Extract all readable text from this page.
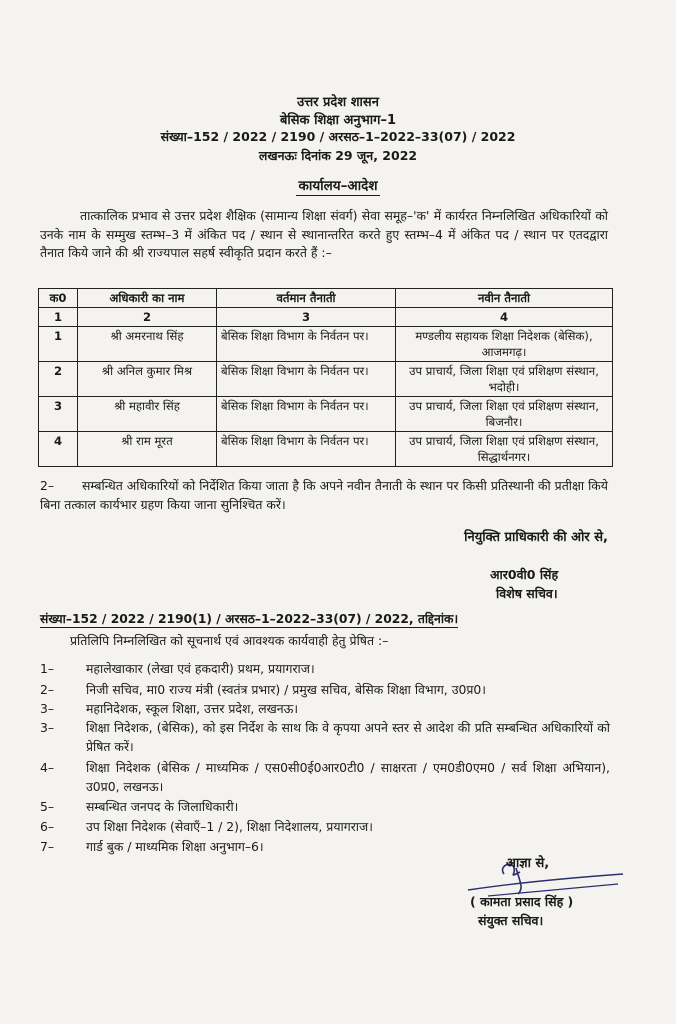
उत्तर प्रदेश शासन
बेसिक शिक्षा अनुभाग–1
संख्या–152 / 2022 / 2190 / अरसठ–1–2022–33(07) / 2022
लखनऊः दिनांक 29 जून, 2022
कार्यालय–आदेश
तात्कालिक प्रभाव से उत्तर प्रदेश शैक्षिक (सामान्य शिक्षा संवर्ग) सेवा समूह–'क' में कार्यरत निम्नलिखित अधिकारियों को उनके नाम के सम्मुख स्तम्भ–3 में अंकित पद / स्थान से स्थानान्तरित करते हुए स्तम्भ–4 में अंकित पद / स्थान पर एतदद्वारा तैनात किये जाने की श्री राज्यपाल सहर्ष स्वीकृति प्रदान करते हैं :–
क0	अधिकारी का नाम	वर्तमान तैनाती	नवीन तैनाती
1	2	3	4
1	श्री अमरनाथ सिंह	बेसिक शिक्षा विभाग के निर्वतन पर।	मण्डलीय सहायक शिक्षा निदेशक (बेसिक), आजमगढ़।
2	श्री अनिल कुमार मिश्र	बेसिक शिक्षा विभाग के निर्वतन पर।	उप प्राचार्य, जिला शिक्षा एवं प्रशिक्षण संस्थान, भदोही।
3	श्री महावीर सिंह	बेसिक शिक्षा विभाग के निर्वतन पर।	उप प्राचार्य, जिला शिक्षा एवं प्रशिक्षण संस्थान, बिजनौर।
4	श्री राम मूरत	बेसिक शिक्षा विभाग के निर्वतन पर।	उप प्राचार्य, जिला शिक्षा एवं प्रशिक्षण संस्थान, सिद्धार्थनगर।
2– सम्बन्धित अधिकारियों को निर्देशित किया जाता है कि अपने नवीन तैनाती के स्थान पर किसी प्रतिस्थानी की प्रतीक्षा किये बिना तत्काल कार्यभार ग्रहण किया जाना सुनिश्चित करें।
नियुक्ति प्राधिकारी की ओर से,
आर0वी0 सिंह
विशेष सचिव।
संख्या–152 / 2022 / 2190(1) / अरसठ–1–2022–33(07) / 2022, तद्दिनांक।
प्रतिलिपि निम्नलिखित को सूचनार्थ एवं आवश्यक कार्यवाही हेतु प्रेषित :–
1–	महालेखाकार (लेखा एवं हकदारी) प्रथम, प्रयागराज।
2–	निजी सचिव, मा0 राज्य मंत्री (स्वतंत्र प्रभार) / प्रमुख सचिव, बेसिक शिक्षा विभाग, उ0प्र0।
3–	महानिदेशक, स्कूल शिक्षा, उत्तर प्रदेश, लखनऊ।
3–	शिक्षा निदेशक, (बेसिक), को इस निर्देश के साथ कि वे कृपया अपने स्तर से आदेश की प्रति सम्बन्धित अधिकारियों को प्रेषित करें।
4–	शिक्षा निदेशक (बेसिक / माध्यमिक / एस0सी0ई0आर0टी0 / साक्षरता / एम0डी0एम0 / सर्व शिक्षा अभियान), उ0प्र0, लखनऊ।
5–	सम्बन्धित जनपद के जिलाधिकारी।
6–	उप शिक्षा निदेशक (सेवाएँ–1 / 2), शिक्षा निदेशालय, प्रयागराज।
7–	गार्ड बुक / माध्यमिक शिक्षा अनुभाग–6।
आज्ञा से,
( कामता प्रसाद सिंह )
संयुक्त सचिव।
